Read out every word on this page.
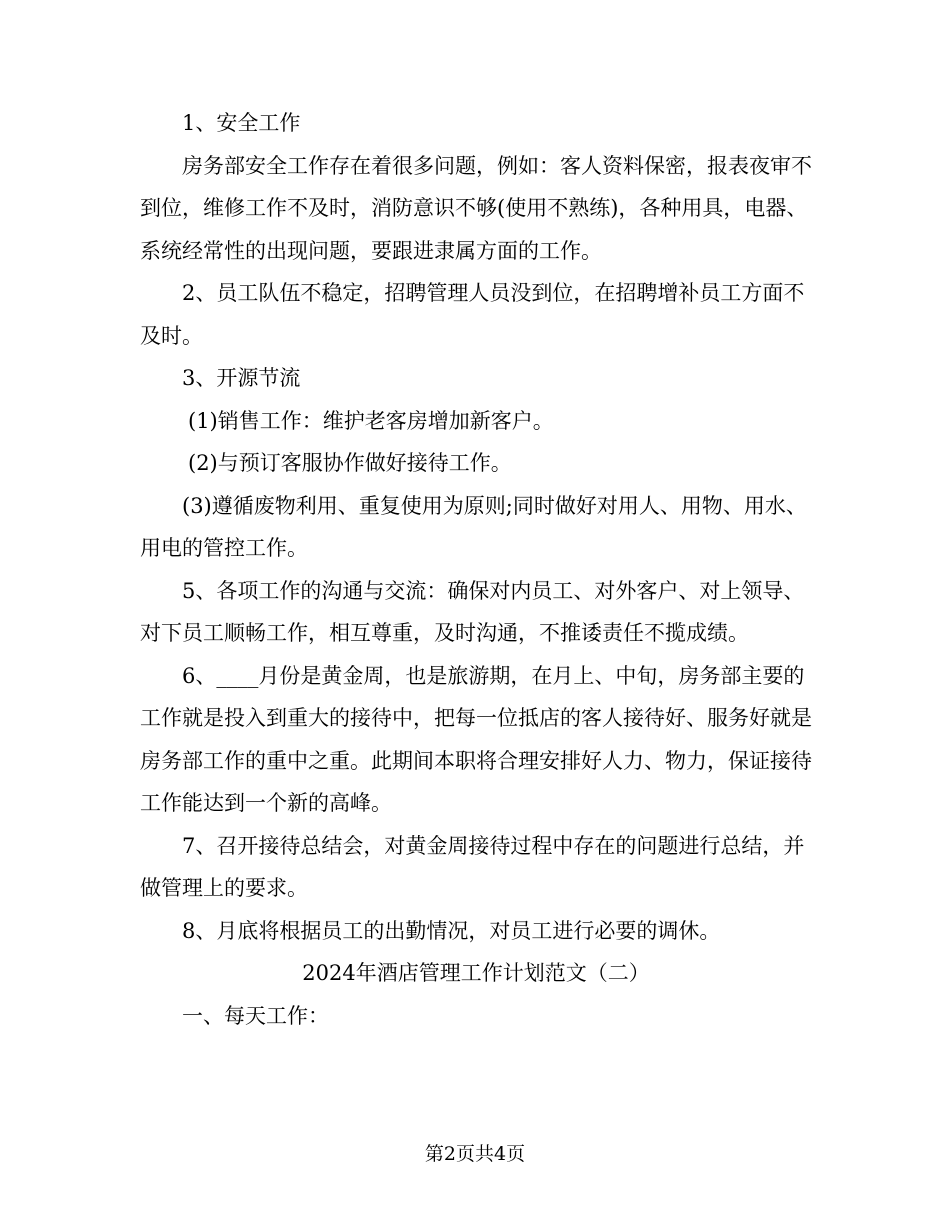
1、安全工作

房务部安全工作存在着很多问题，例如：客人资料保密，报表夜审不到位，维修工作不及时，消防意识不够(使用不熟练)，各种用具，电器、系统经常性的出现问题，要跟进隶属方面的工作。

2、员工队伍不稳定，招聘管理人员没到位，在招聘增补员工方面不及时。

3、开源节流

(1)销售工作：维护老客房增加新客户。

(2)与预订客服协作做好接待工作。

(3)遵循废物利用、重复使用为原则;同时做好对用人、用物、用水、用电的管控工作。

5、各项工作的沟通与交流：确保对内员工、对外客户、对上领导、对下员工顺畅工作，相互尊重，及时沟通，不推诿责任不揽成绩。

6、____月份是黄金周，也是旅游期，在月上、中旬，房务部主要的工作就是投入到重大的接待中，把每一位抵店的客人接待好、服务好就是房务部工作的重中之重。此期间本职将合理安排好人力、物力，保证接待工作能达到一个新的高峰。

7、召开接待总结会，对黄金周接待过程中存在的问题进行总结，并做管理上的要求。

8、月底将根据员工的出勤情况，对员工进行必要的调休。

2024年酒店管理工作计划范文（二）

一、每天工作：

第2页共4页
